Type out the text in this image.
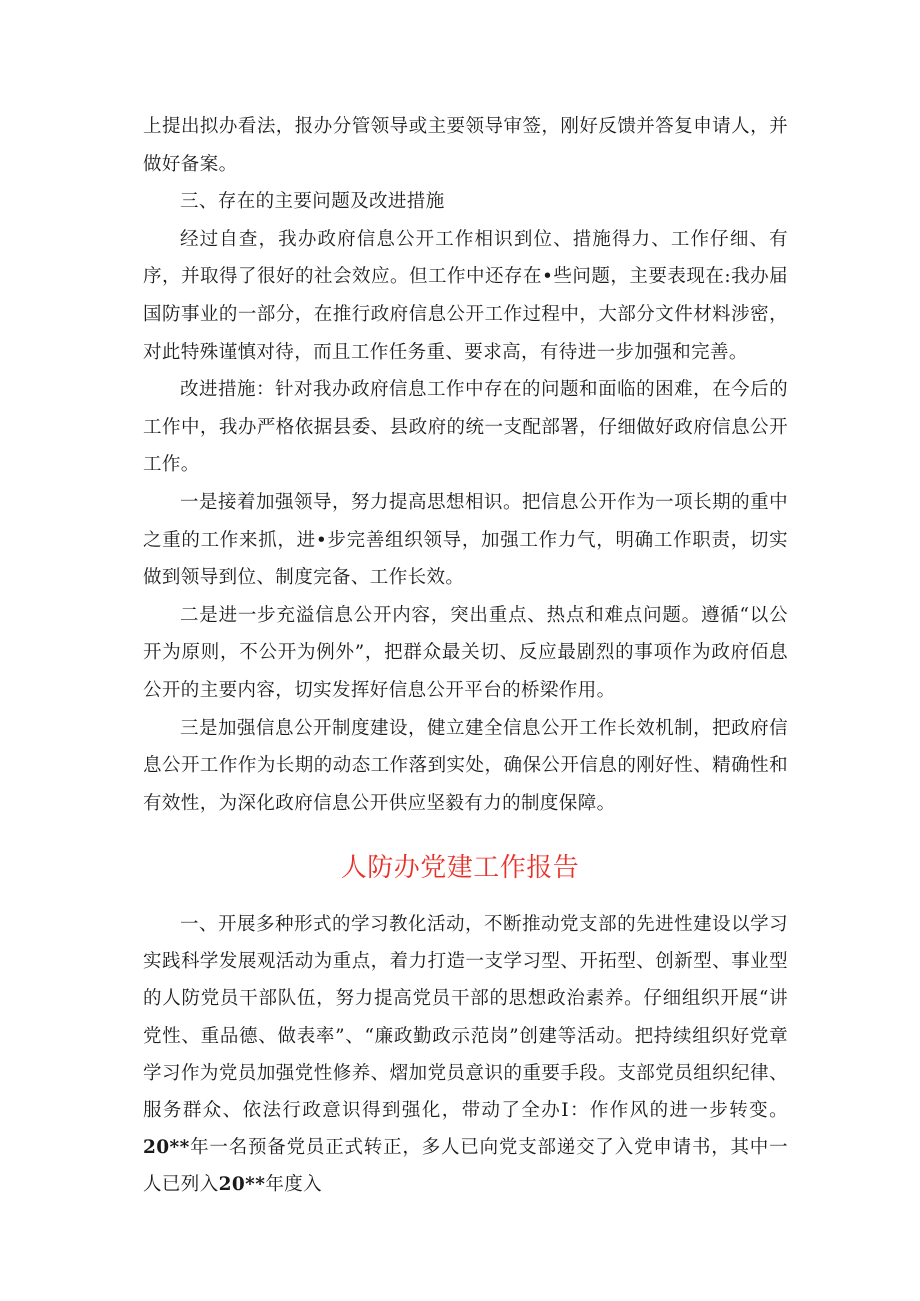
上提出拟办看法，报办分管领导或主要领导审签，刚好反馈并答复申请人，并做好备案。

三、存在的主要问题及改进措施

经过自查，我办政府信息公开工作相识到位、措施得力、工作仔细、有序，并取得了很好的社会效应。但工作中还存在•些问题，主要表现在:我办届国防事业的一部分，在推行政府信息公开工作过程中，大部分文件材料涉密，对此特殊谨慎对待，而且工作任务重、要求高，有待进一步加强和完善。

改进措施：针对我办政府信息工作中存在的问题和面临的困难，在今后的工作中，我办严格依据县委、县政府的统一支配部署，仔细做好政府信息公开工作。

一是接着加强领导，努力提高思想相识。把信息公开作为一项长期的重中之重的工作来抓，进•步完善组织领导，加强工作力气，明确工作职责，切实做到领导到位、制度完备、工作长效。

二是进一步充溢信息公开内容，突出重点、热点和难点问题。遵循“以公开为原则，不公开为例外”，把群众最关切、反应最剧烈的事项作为政府佰息公开的主要内容，切实发挥好信息公开平台的桥梁作用。

三是加强信息公开制度建设，健立建全信息公开工作长效机制，把政府信息公开工作作为长期的动态工作落到实处，确保公开信息的刚好性、精确性和有效性，为深化政府信息公开供应坚毅有力的制度保障。

人防办党建工作报告

一、开展多种形式的学习教化活动，不断推动党支部的先进性建设以学习实践科学发展观活动为重点，着力打造一支学习型、开拓型、创新型、事业型的人防党员干部队伍，努力提高党员干部的思想政治素养。仔细组织开展“讲党性、重品德、做表率”、“廉政勤政示范岗”创建等活动。把持续组织好党章学习作为党员加强党性修养、熠加党员意识的重要手段。支部党员组织纪律、服务群众、依法行政意识得到强化，带动了全办I：作作风的进一步转变。20**年一名预备党员正式转正，多人已向党支部递交了入党申请书，其中一人已列入20**年度入
